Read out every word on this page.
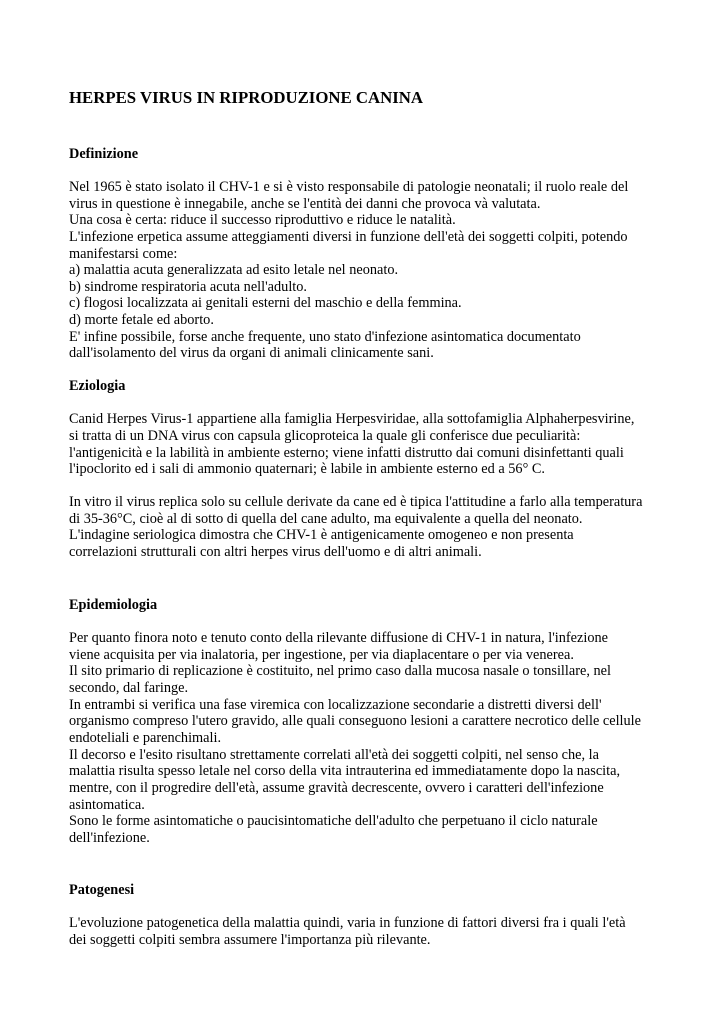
HERPES VIRUS IN RIPRODUZIONE CANINA
Definizione
Nel 1965 è stato isolato il CHV-1 e si è visto responsabile di patologie neonatali; il ruolo reale del
virus in questione è innegabile, anche se l'entità dei danni che provoca và valutata.
Una cosa è certa: riduce il successo riproduttivo e riduce le natalità.
L'infezione erpetica assume atteggiamenti diversi in funzione dell'età dei soggetti colpiti, potendo
manifestarsi come:
a) malattia acuta generalizzata ad esito letale nel neonato.
b) sindrome respiratoria acuta nell'adulto.
c) flogosi localizzata ai genitali esterni del maschio e della femmina.
d) morte fetale ed aborto.
E' infine possibile, forse anche frequente, uno stato d'infezione asintomatica documentato
dall'isolamento del virus da organi di animali clinicamente sani.
Eziologia
Canid Herpes Virus-1 appartiene alla famiglia Herpesviridae, alla sottofamiglia Alphaherpesvirine,
si tratta di un DNA virus con capsula glicoproteica la quale gli conferisce due peculiarità:
l'antigenicità e la labilità in ambiente esterno; viene infatti distrutto dai comuni disinfettanti quali
l'ipoclorito ed i sali di ammonio quaternari; è labile in ambiente esterno ed a 56° C.
In vitro il virus replica solo su cellule derivate da cane ed è tipica l'attitudine a farlo alla temperatura
di 35-36°C, cioè al di sotto di quella del cane adulto, ma equivalente a quella del neonato.
L'indagine seriologica dimostra che CHV-1 è antigenicamente omogeneo e non presenta
correlazioni strutturali con altri herpes virus dell'uomo e di altri animali.
Epidemiologia
Per quanto finora noto e tenuto conto della rilevante diffusione di CHV-1 in natura, l'infezione
viene acquisita per via inalatoria, per ingestione, per via diaplacentare o per via venerea.
Il sito primario di replicazione è costituito, nel primo caso dalla mucosa nasale o tonsillare, nel
secondo, dal faringe.
In entrambi si verifica una fase viremica con localizzazione secondarie a distretti diversi dell'
organismo compreso l'utero gravido, alle quali conseguono lesioni a carattere necrotico delle cellule
endoteliali e parenchimali.
Il decorso e l'esito risultano strettamente correlati all'età dei soggetti colpiti, nel senso che, la
malattia risulta spesso letale nel corso della vita intrauterina ed immediatamente dopo la nascita,
mentre, con il progredire dell'età, assume gravità decrescente, ovvero i caratteri dell'infezione
asintomatica.
Sono le forme asintomatiche o paucisintomatiche dell'adulto che perpetuano il ciclo naturale
dell'infezione.
Patogenesi
L'evoluzione patogenetica della malattia quindi, varia in funzione di fattori diversi fra i quali l'età
dei soggetti colpiti sembra assumere l'importanza più rilevante.
